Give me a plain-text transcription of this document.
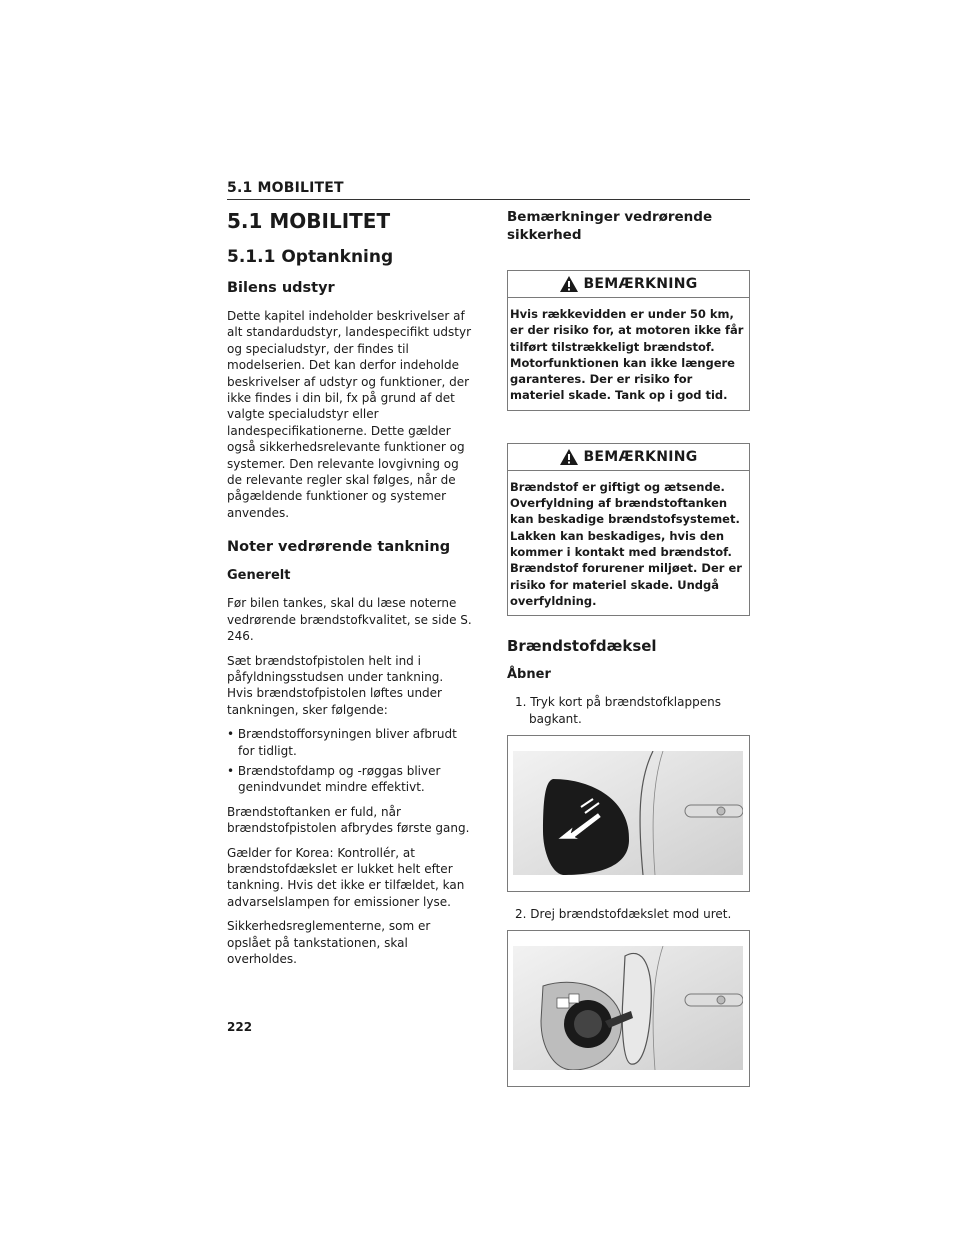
5.1 MOBILITET
5.1 MOBILITET
5.1.1 Optankning
Bilens udstyr

Dette kapitel indeholder beskrivelser af alt standardudstyr, landespecifikt udstyr og specialudstyr, der findes til modelserien. Det kan derfor indeholde beskrivelser af udstyr og funktioner, der ikke findes i din bil, fx på grund af det valgte specialudstyr eller landespecifikationerne. Dette gælder også sikkerhedsrelevante funktioner og systemer. Den relevante lovgivning og de relevante regler skal følges, når de pågældende funktioner og systemer anvendes.

Noter vedrørende tankning
Generelt

Før bilen tankes, skal du læse noterne vedrørende brændstofkvalitet, se side S. 246.

Sæt brændstofpistolen helt ind i påfyldningsstudsen under tankning. Hvis brændstofpistolen løftes under tankningen, sker følgende:

• Brændstofforsyningen bliver afbrudt for tidligt.
• Brændstofdamp og -røggas bliver genindvundet mindre effektivt.

Brændstoftanken er fuld, når brændstofpistolen afbrydes første gang.

Gælder for Korea: Kontrollér, at brændstofdækslet er lukket helt efter tankning. Hvis det ikke er tilfældet, kan advarselslampen for emissioner lyse.

Sikkerhedsreglementerne, som er opslået på tankstationen, skal overholdes.

Bemærkninger vedrørende sikkerhed
BEMÆRKNING
Hvis rækkevidden er under 50 km, er der risiko for, at motoren ikke får tilført tilstrækkeligt brændstof. Motorfunktionen kan ikke længere garanteres. Der er risiko for materiel skade. Tank op i god tid.
BEMÆRKNING
Brændstof er giftigt og ætsende. Overfyldning af brændstoftanken kan beskadige brændstofsystemet. Lakken kan beskadiges, hvis den kommer i kontakt med brændstof. Brændstof forurener miljøet. Der er risiko for materiel skade. Undgå overfyldning.
Brændstofdæksel
Åbner
1. Tryk kort på brændstofklappens bagkant.
2. Drej brændstofdækslet mod uret.
222
